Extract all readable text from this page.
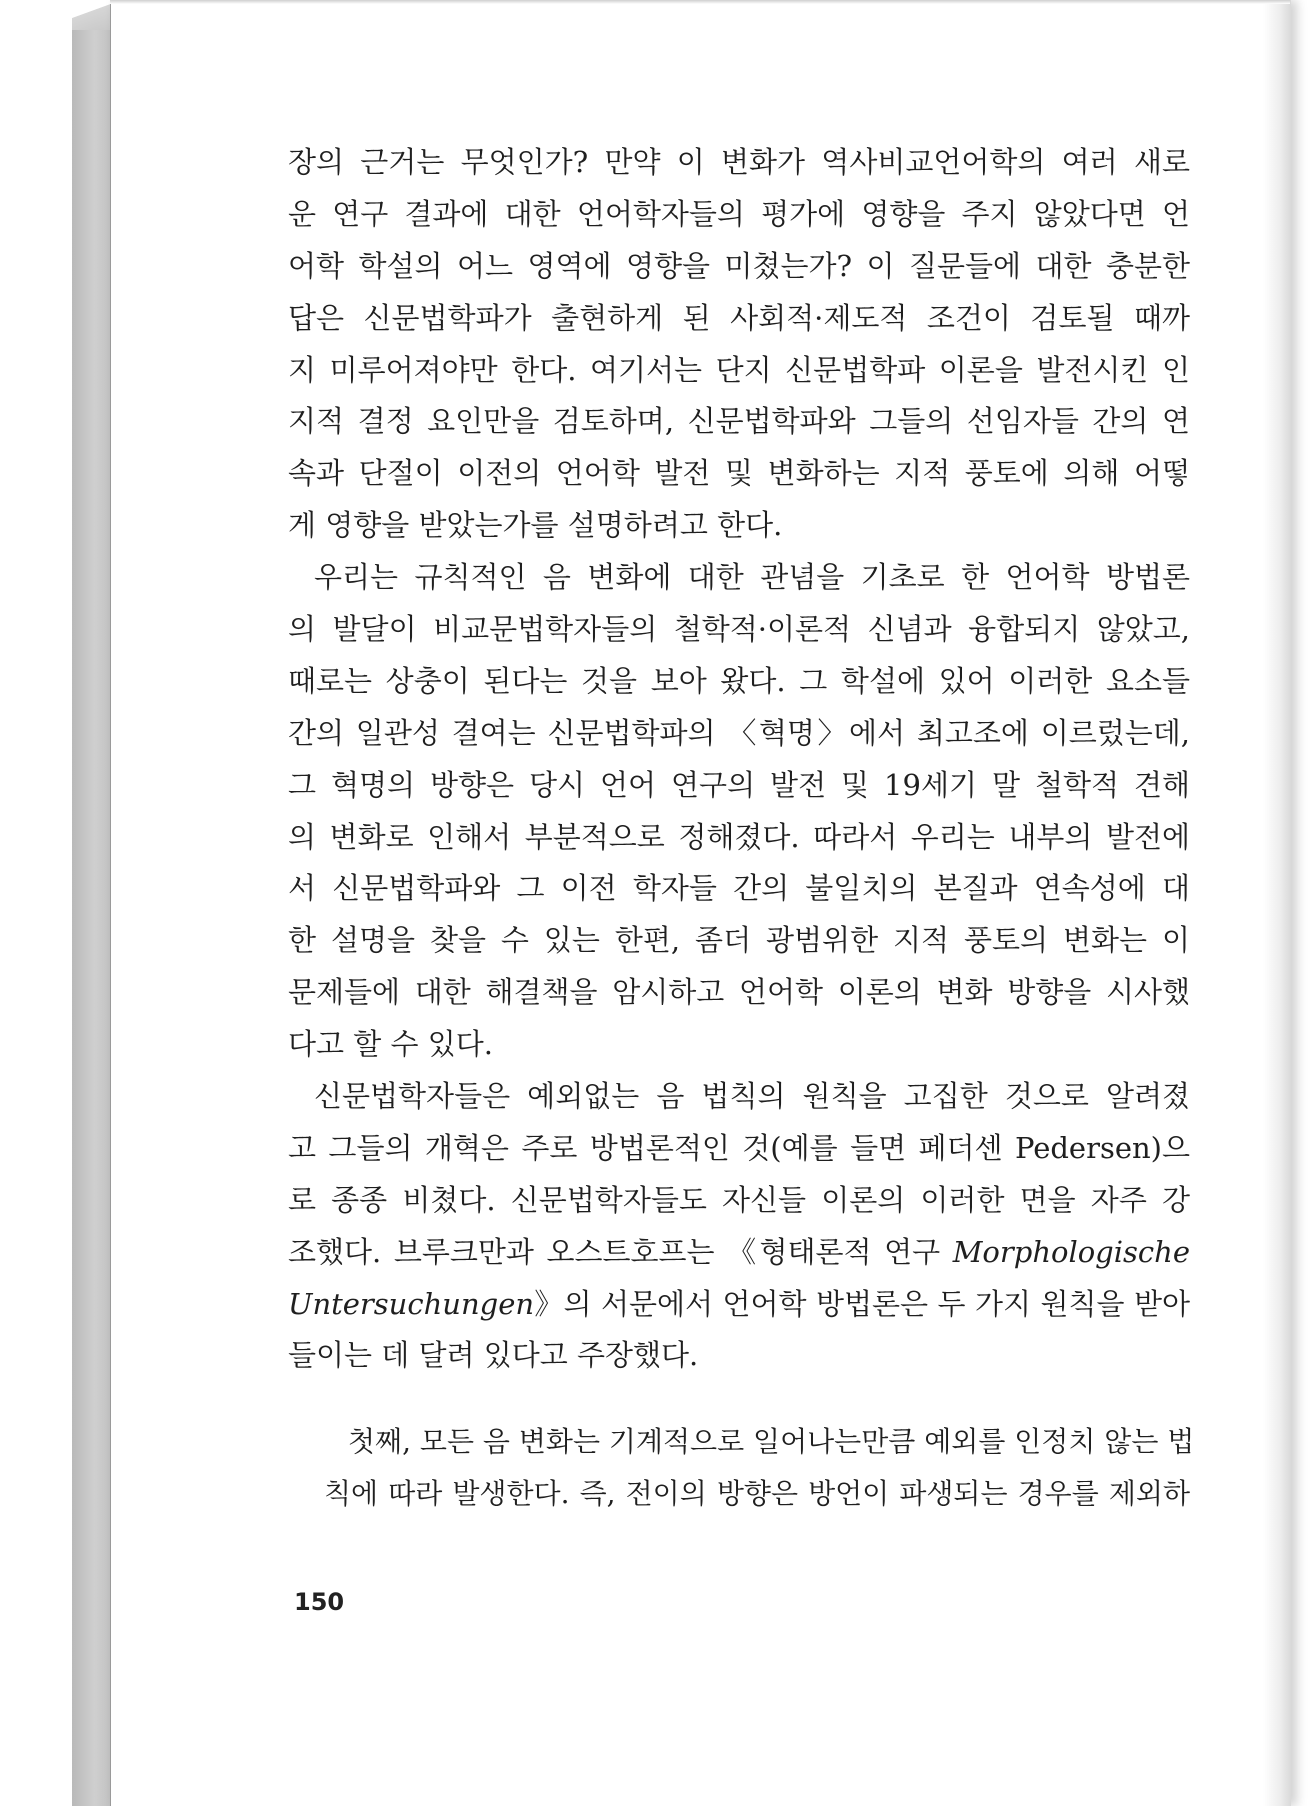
장의 근거는 무엇인가? 만약 이 변화가 역사비교언어학의 여러 새로
운 연구 결과에 대한 언어학자들의 평가에 영향을 주지 않았다면 언
어학 학설의 어느 영역에 영향을 미쳤는가? 이 질문들에 대한 충분한
답은 신문법학파가 출현하게 된 사회적·제도적 조건이 검토될 때까
지 미루어져야만 한다. 여기서는 단지 신문법학파 이론을 발전시킨 인
지적 결정 요인만을 검토하며, 신문법학파와 그들의 선임자들 간의 연
속과 단절이 이전의 언어학 발전 및 변화하는 지적 풍토에 의해 어떻
게 영향을 받았는가를 설명하려고 한다.
우리는 규칙적인 음 변화에 대한 관념을 기초로 한 언어학 방법론
의 발달이 비교문법학자들의 철학적·이론적 신념과 융합되지 않았고,
때로는 상충이 된다는 것을 보아 왔다. 그 학설에 있어 이러한 요소들
간의 일관성 결여는 신문법학파의 〈혁명〉에서 최고조에 이르렀는데,
그 혁명의 방향은 당시 언어 연구의 발전 및 19세기 말 철학적 견해
의 변화로 인해서 부분적으로 정해졌다. 따라서 우리는 내부의 발전에
서 신문법학파와 그 이전 학자들 간의 불일치의 본질과 연속성에 대
한 설명을 찾을 수 있는 한편, 좀더 광범위한 지적 풍토의 변화는 이
문제들에 대한 해결책을 암시하고 언어학 이론의 변화 방향을 시사했
다고 할 수 있다.
신문법학자들은 예외없는 음 법칙의 원칙을 고집한 것으로 알려졌
고 그들의 개혁은 주로 방법론적인 것(예를 들면 페더센 Pedersen)으
로 종종 비쳤다. 신문법학자들도 자신들 이론의 이러한 면을 자주 강
조했다. 브루크만과 오스트호프는 《형태론적 연구 Morphologische
Untersuchungen》의 서문에서 언어학 방법론은 두 가지 원칙을 받아
들이는 데 달려 있다고 주장했다.
첫째, 모든 음 변화는 기계적으로 일어나는만큼 예외를 인정치 않는 법
칙에 따라 발생한다. 즉, 전이의 방향은 방언이 파생되는 경우를 제외하
150
